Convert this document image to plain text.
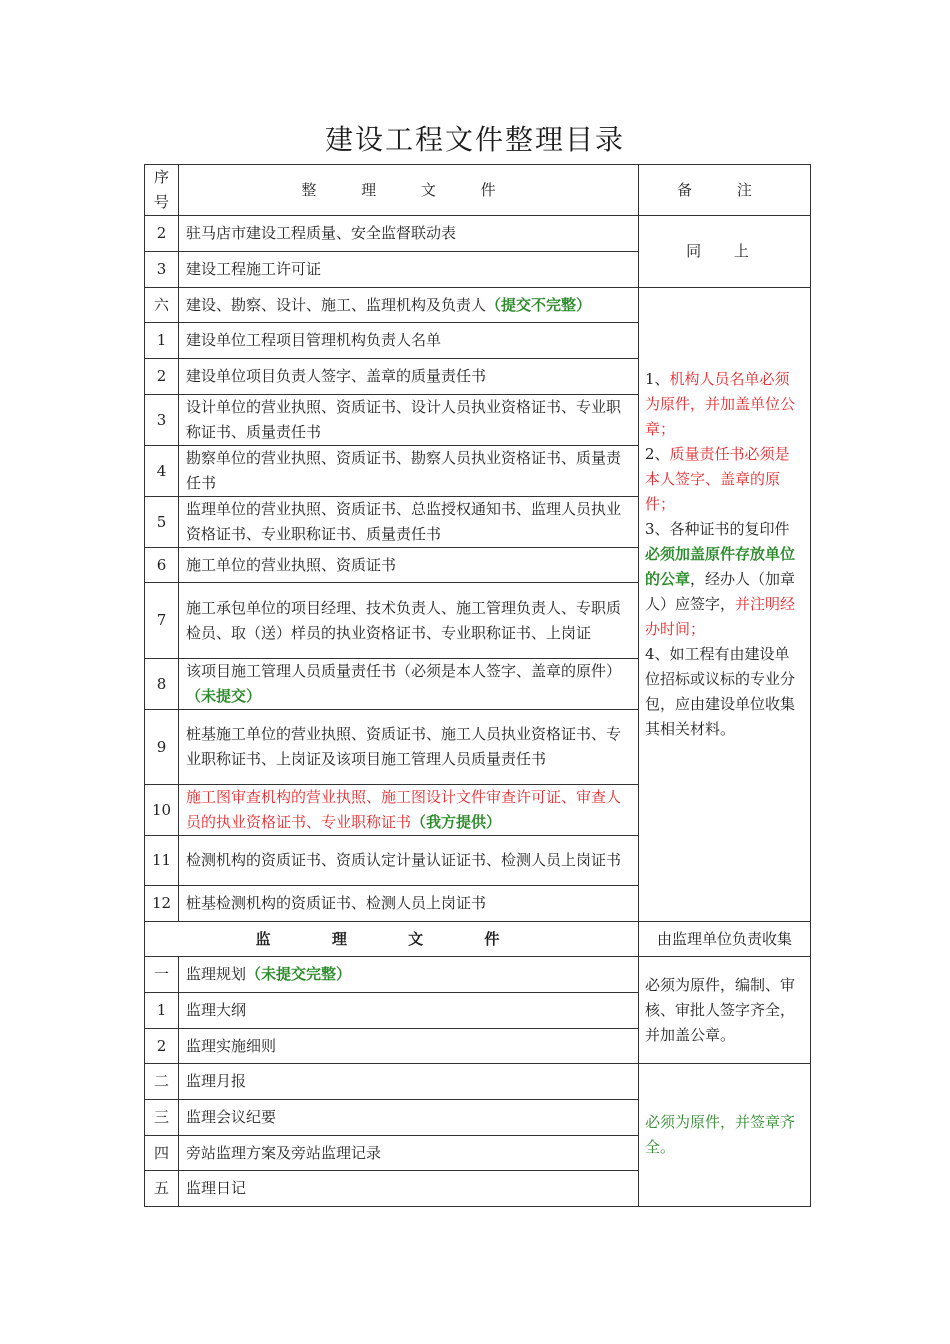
建设工程文件整理目录
序号	整 理 文 件	备 注
2	驻马店市建设工程质量、安全监督联动表	同 上
3	建设工程施工许可证	
六	建设、勘察、设计、施工、监理机构及负责人（提交不完整）	1、机构人员名单必须为原件，并加盖单位公章；
2、质量责任书必须是本人签字、盖章的原件；
3、各种证书的复印件必须加盖原件存放单位的公章，经办人（加章人）应签字，并注明经办时间；
4、如工程有由建设单位招标或议标的专业分包，应由建设单位收集其相关材料。
1	建设单位工程项目管理机构负责人名单	
2	建设单位项目负责人签字、盖章的质量责任书	
3	设计单位的营业执照、资质证书、设计人员执业资格证书、专业职称证书、质量责任书	
4	勘察单位的营业执照、资质证书、勘察人员执业资格证书、质量责任书	
5	监理单位的营业执照、资质证书、总监授权通知书、监理人员执业资格证书、专业职称证书、质量责任书	
6	施工单位的营业执照、资质证书	
7	施工承包单位的项目经理、技术负责人、施工管理负责人、专职质检员、取（送）样员的执业资格证书、专业职称证书、上岗证	
8	该项目施工管理人员质量责任书（必须是本人签字、盖章的原件）（未提交）	
9	桩基施工单位的营业执照、资质证书、施工人员执业资格证书、专业职称证书、上岗证及该项目施工管理人员质量责任书	
10	施工图审查机构的营业执照、施工图设计文件审查许可证、审查人员的执业资格证书、专业职称证书（我方提供）	
11	检测机构的资质证书、资质认定计量认证证书、检测人员上岗证书	
12	桩基检测机构的资质证书、检测人员上岗证书	
监 理 文 件		由监理单位负责收集
一	监理规划（未提交完整）	必须为原件，编制、审核、审批人签字齐全，并加盖公章。
1	监理大纲	
2	监理实施细则	
二	监理月报	必须为原件，并签章齐全。
三	监理会议纪要	
四	旁站监理方案及旁站监理记录	
五	监理日记	
